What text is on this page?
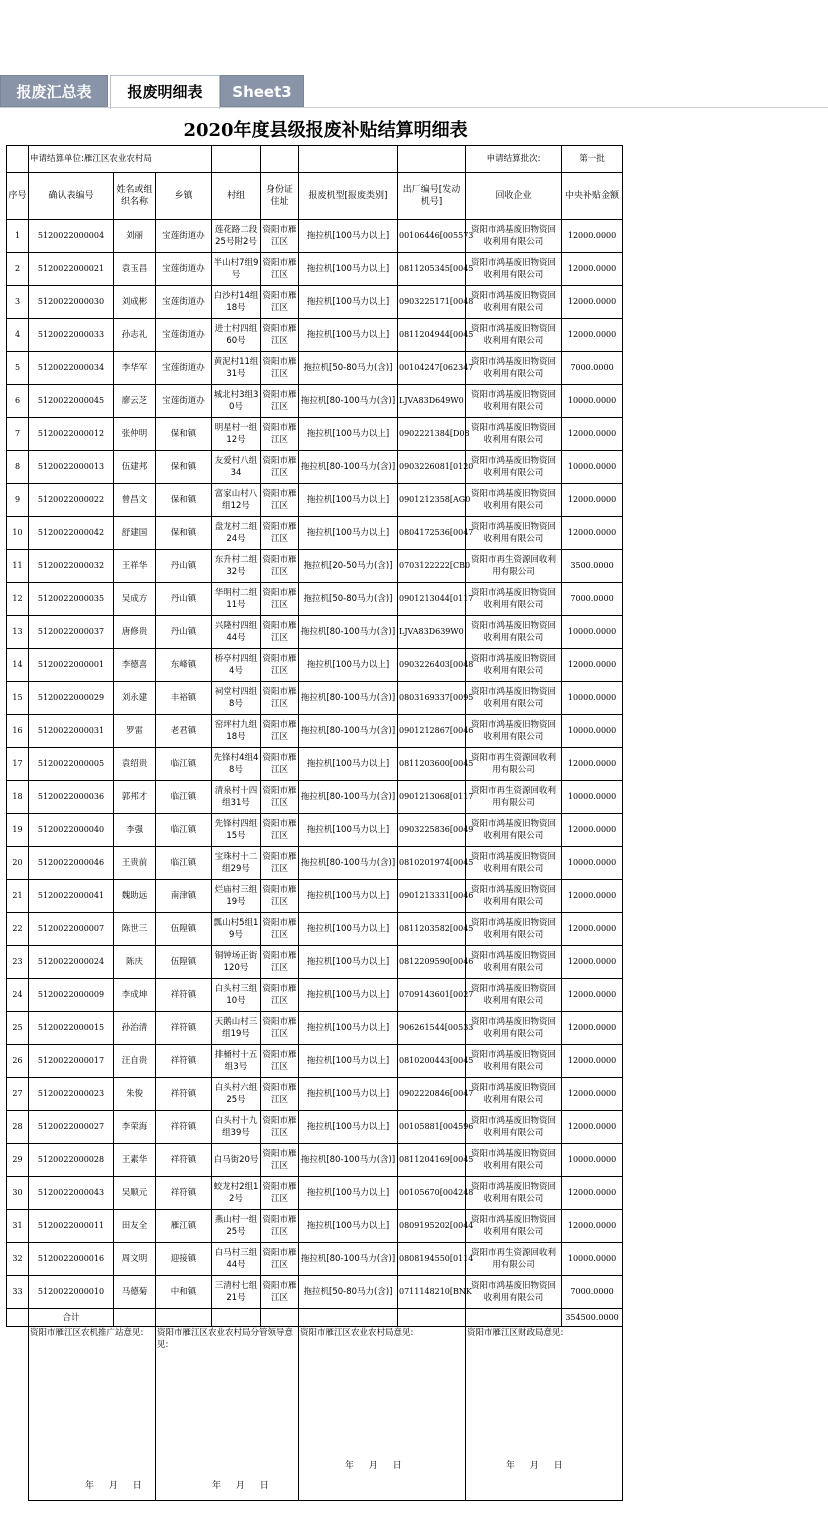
报废汇总表	报废明细表	Sheet3
	2020年度县级报废补贴结算明细表								
	申请结算单位:雁江区农业农村局							申请结算批次:	第一批
序号	确认表编号	姓名或组织名称	乡镇	村组	身份证住址	报废机型[报废类别]	出厂编号[发动机号]	回收企业	中央补贴金额
1	5120022000004	刘丽	宝莲街道办	莲花路二段25号附2号	资阳市雁江区	拖拉机[100马力以上]	00106446[005573	资阳市鸿基废旧物资回收利用有限公司	12000.0000
2	5120022000021	袁玉昌	宝莲街道办	半山村7组9号	资阳市雁江区	拖拉机[100马力以上]	0811205345[0045	资阳市鸿基废旧物资回收利用有限公司	12000.0000
3	5120022000030	刘成彬	宝莲街道办	白沙村14组18号	资阳市雁江区	拖拉机[100马力以上]	0903225171[0048	资阳市鸿基废旧物资回收利用有限公司	12000.0000
4	5120022000033	孙志礼	宝莲街道办	进士村四组60号	资阳市雁江区	拖拉机[100马力以上]	0811204944[0045	资阳市鸿基废旧物资回收利用有限公司	12000.0000
5	5120022000034	李华军	宝莲街道办	黄泥村11组31号	资阳市雁江区	拖拉机[50-80马力(含)]	00104247[062347	资阳市鸿基废旧物资回收利用有限公司	7000.0000
6	5120022000045	廖云芝	宝莲街道办	城北村3组30号	资阳市雁江区	拖拉机[80-100马力(含)]	LJVA83D649W0	资阳市鸿基废旧物资回收利用有限公司	10000.0000
7	5120022000012	张仲明	保和镇	明星村一组12号	资阳市雁江区	拖拉机[100马力以上]	0902221384[D08	资阳市鸿基废旧物资回收利用有限公司	12000.0000
8	5120022000013	伍建邦	保和镇	友爱村八组34	资阳市雁江区	拖拉机[80-100马力(含)]	0903226081[0120	资阳市鸿基废旧物资回收利用有限公司	10000.0000
9	5120022000022	曾昌文	保和镇	富家山村八组12号	资阳市雁江区	拖拉机[100马力以上]	0901212358[AG0	资阳市鸿基废旧物资回收利用有限公司	12000.0000
10	5120022000042	舒建国	保和镇	盘龙村二组24号	资阳市雁江区	拖拉机[100马力以上]	0804172536[0047	资阳市鸿基废旧物资回收利用有限公司	12000.0000
11	5120022000032	王祥华	丹山镇	东升村二组32号	资阳市雁江区	拖拉机[20-50马力(含)]	0703122222[CB0	资阳市再生资源回收利用有限公司	3500.0000
12	5120022000035	吴成方	丹山镇	华明村二组11号	资阳市雁江区	拖拉机[50-80马力(含)]	0901213044[0117	资阳市鸿基废旧物资回收利用有限公司	7000.0000
13	5120022000037	唐修贵	丹山镇	兴隆村四组44号	资阳市雁江区	拖拉机[80-100马力(含)]	LJVA83D639W0	资阳市鸿基废旧物资回收利用有限公司	10000.0000
14	5120022000001	李德喜	东峰镇	桥亭村四组4号	资阳市雁江区	拖拉机[100马力以上]	0903226403[0048	资阳市鸿基废旧物资回收利用有限公司	12000.0000
15	5120022000029	刘永建	丰裕镇	祠堂村四组8号	资阳市雁江区	拖拉机[80-100马力(含)]	0803169337[0095	资阳市鸿基废旧物资回收利用有限公司	10000.0000
16	5120022000031	罗雷	老君镇	窑坪村九组18号	资阳市雁江区	拖拉机[80-100马力(含)]	0901212867[0046	资阳市鸿基废旧物资回收利用有限公司	10000.0000
17	5120022000005	袁绍贵	临江镇	先锋村4组48号	资阳市雁江区	拖拉机[100马力以上]	0811203600[0045	资阳市再生资源回收利用有限公司	12000.0000
18	5120022000036	郭邦才	临江镇	清泉村十四组31号	资阳市雁江区	拖拉机[80-100马力(含)]	0901213068[0117	资阳市再生资源回收利用有限公司	10000.0000
19	5120022000040	李强	临江镇	先锋村四组15号	资阳市雁江区	拖拉机[100马力以上]	0903225836[0049	资阳市鸿基废旧物资回收利用有限公司	12000.0000
20	5120022000046	王贵前	临江镇	宝珠村十二组29号	资阳市雁江区	拖拉机[80-100马力(含)]	0810201974[0045	资阳市鸿基废旧物资回收利用有限公司	10000.0000
21	5120022000041	魏助远	南津镇	烂庙村三组19号	资阳市雁江区	拖拉机[100马力以上]	0901213331[0046	资阳市鸿基废旧物资回收利用有限公司	12000.0000
22	5120022000007	陈世三	伍隍镇	瓢山村5组19号	资阳市雁江区	拖拉机[100马力以上]	0811203582[0045	资阳市鸿基废旧物资回收利用有限公司	12000.0000
23	5120022000024	陈庆	伍隍镇	铜钟场正街120号	资阳市雁江区	拖拉机[100马力以上]	0812209590[0046	资阳市鸿基废旧物资回收利用有限公司	12000.0000
24	5120022000009	李成坤	祥符镇	白头村三组10号	资阳市雁江区	拖拉机[100马力以上]	0709143601[0027	资阳市鸿基废旧物资回收利用有限公司	12000.0000
25	5120022000015	孙治清	祥符镇	天鹅山村三组19号	资阳市雁江区	拖拉机[100马力以上]	906261544[00533	资阳市鸿基废旧物资回收利用有限公司	12000.0000
26	5120022000017	汪自贵	祥符镇	排桶村十五组3号	资阳市雁江区	拖拉机[100马力以上]	0810200443[0045	资阳市鸿基废旧物资回收利用有限公司	12000.0000
27	5120022000023	朱俊	祥符镇	白头村六组25号	资阳市雁江区	拖拉机[100马力以上]	0902220846[0047	资阳市鸿基废旧物资回收利用有限公司	12000.0000
28	5120022000027	李荣海	祥符镇	白头村十九组39号	资阳市雁江区	拖拉机[100马力以上]	00105881[004596	资阳市鸿基废旧物资回收利用有限公司	12000.0000
29	5120022000028	王素华	祥符镇	白马街20号	资阳市雁江区	拖拉机[80-100马力(含)]	0811204169[0045	资阳市鸿基废旧物资回收利用有限公司	10000.0000
30	5120022000043	吴顺元	祥符镇	蛟龙村2组12号	资阳市雁江区	拖拉机[100马力以上]	00105670[004248	资阳市鸿基废旧物资回收利用有限公司	12000.0000
31	5120022000011	田友全	雁江镇	燕山村一组25号	资阳市雁江区	拖拉机[100马力以上]	0809195202[0044	资阳市鸿基废旧物资回收利用有限公司	12000.0000
32	5120022000016	周文明	迎接镇	白马村三组44号	资阳市雁江区	拖拉机[80-100马力(含)]	0808194550[0114	资阳市再生资源回收利用有限公司	10000.0000
33	5120022000010	马德菊	中和镇	三清村七组21号	资阳市雁江区	拖拉机[50-80马力(含)]	0711148210[BNK	资阳市鸿基废旧物资回收利用有限公司	7000.0000
	合计								354500.0000
	资阳市雁江区农机推广站意见:
年 月 日		资阳市雁江区农业农村局分管领导意见:
年 月 日			资阳市雁江区农业农村局意见:
年 月 日		资阳市雁江区财政局意见:
年 月 日	
